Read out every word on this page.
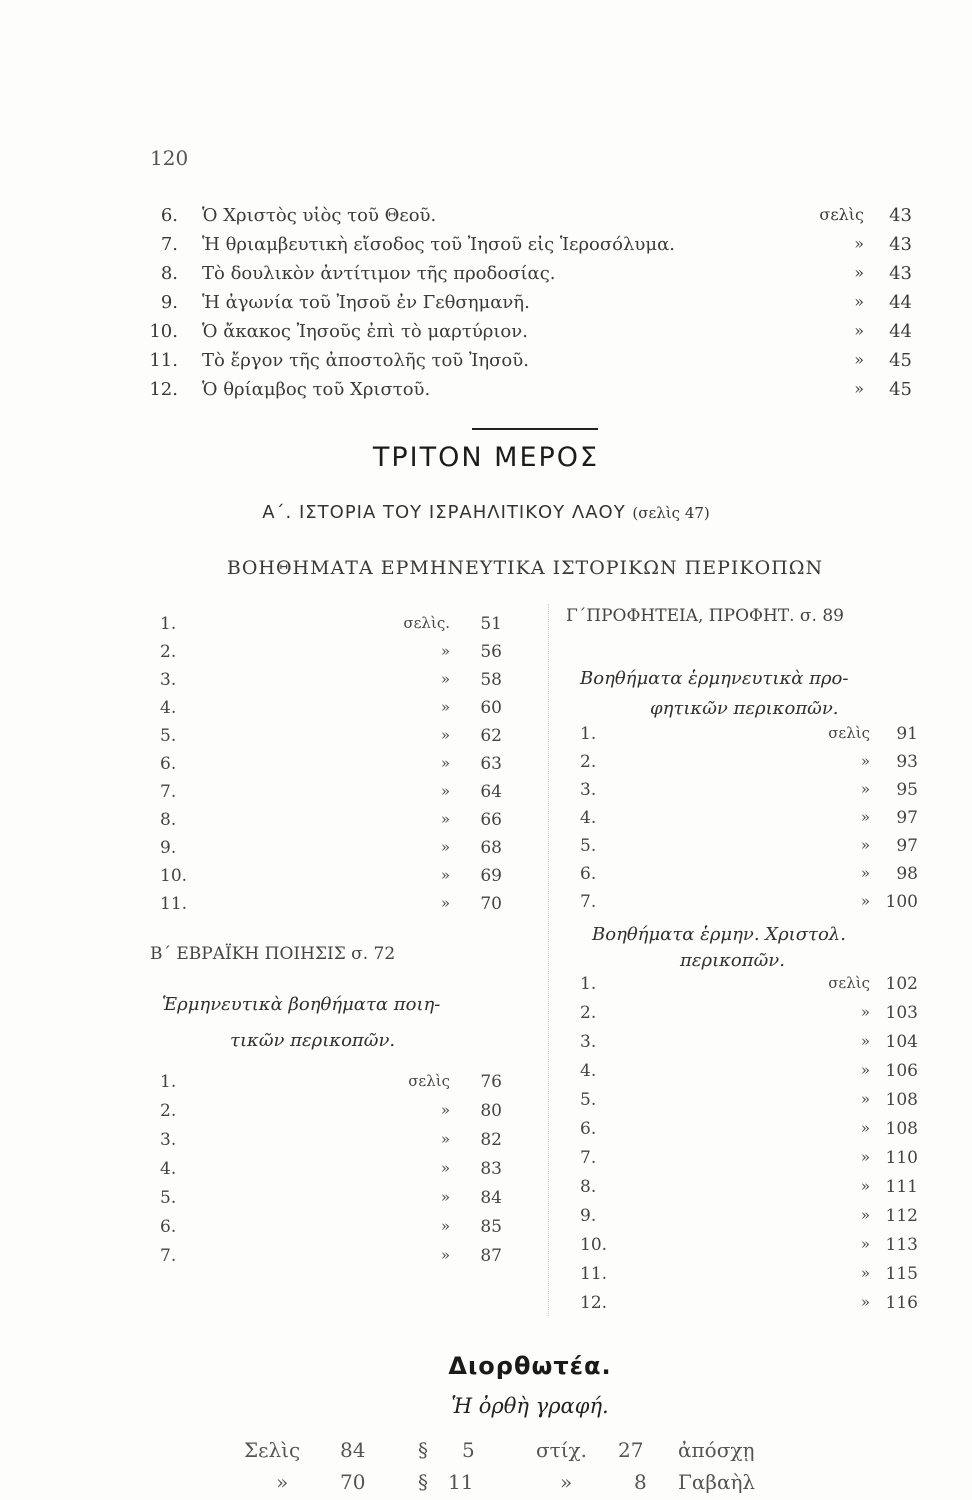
120
6. Ὁ Χριστὸς υἱὸς τοῦ Θεοῦ.	σελὶς	43
7. Ἡ θριαμβευτικὴ εἴσοδος τοῦ Ἰησοῦ εἰς Ἱεροσόλυμα.	»	43
8. Τὸ δουλικὸν ἀντίτιμον τῆς προδοσίας.	»	43
9. Ἡ ἀγωνία τοῦ Ἰησοῦ ἐν Γεθσημανῆ.	»	44
10. Ὁ ἄκακος Ἰησοῦς ἐπὶ τὸ μαρτύριον.	»	44
11. Τὸ ἔργον τῆς ἀποστολῆς τοῦ Ἰησοῦ.	»	45
12. Ὁ θρίαμβος τοῦ Χριστοῦ.	»	45
ΤΡΙΤΟΝ ΜΕΡΟΣ
Α΄. ΙΣΤΟΡΙΑ ΤΟΥ ΙΣΡΑΗΛΙΤΙΚΟΥ ΛΑΟΥ (σελὶς 47)
ΒΟΗΘΗΜΑΤΑ ΕΡΜΗΝΕΥΤΙΚΑ ΙΣΤΟΡΙΚΩΝ ΠΕΡΙΚΟΠΩΝ
1.	σελὶς.	51
2.	»	56
3.	»	58
4.	»	60
5.	»	62
6.	»	63
7.	»	64
8.	»	66
9.	»	68
10.	»	69
11.	»	70
Β΄ ΕΒΡΑΪΚΗ ΠΟΙΗΣΙΣ σ. 72
Ἑρμηνευτικὰ βοηθήματα ποιη-
τικῶν περικοπῶν.
1.	σελὶς	76
2.	»	80
3.	»	82
4.	»	83
5.	»	84
6.	»	85
7.	»	87
Γ΄ΠΡΟΦΗΤΕΙΑ, ΠΡΟΦΗΤ. σ. 89
Βοηθήματα ἑρμηνευτικὰ προ-
φητικῶν περικοπῶν.
1.	σελὶς	91
2.	»	93
3.	»	95
4.	»	97
5.	»	97
6.	»	98
7.	» 100
Βοηθήματα ἑρμην. Χριστολ.
περικοπῶν.
1.	σελὶς 102
2.	» 103
3.	» 104
4.	» 106
5.	» 108
6.	» 108
7.	» 110
8.	» 111
9.	» 112
10.	» 113
11.	» 115
12.	» 116
Διορθωτέα.
Ἡ ὀρθὴ γραφή.
Σελὶς 84	§ 5	στίχ. 27 ἀπόσχῃ
»	70	§ 11	»	8 Γαβαὴλ
